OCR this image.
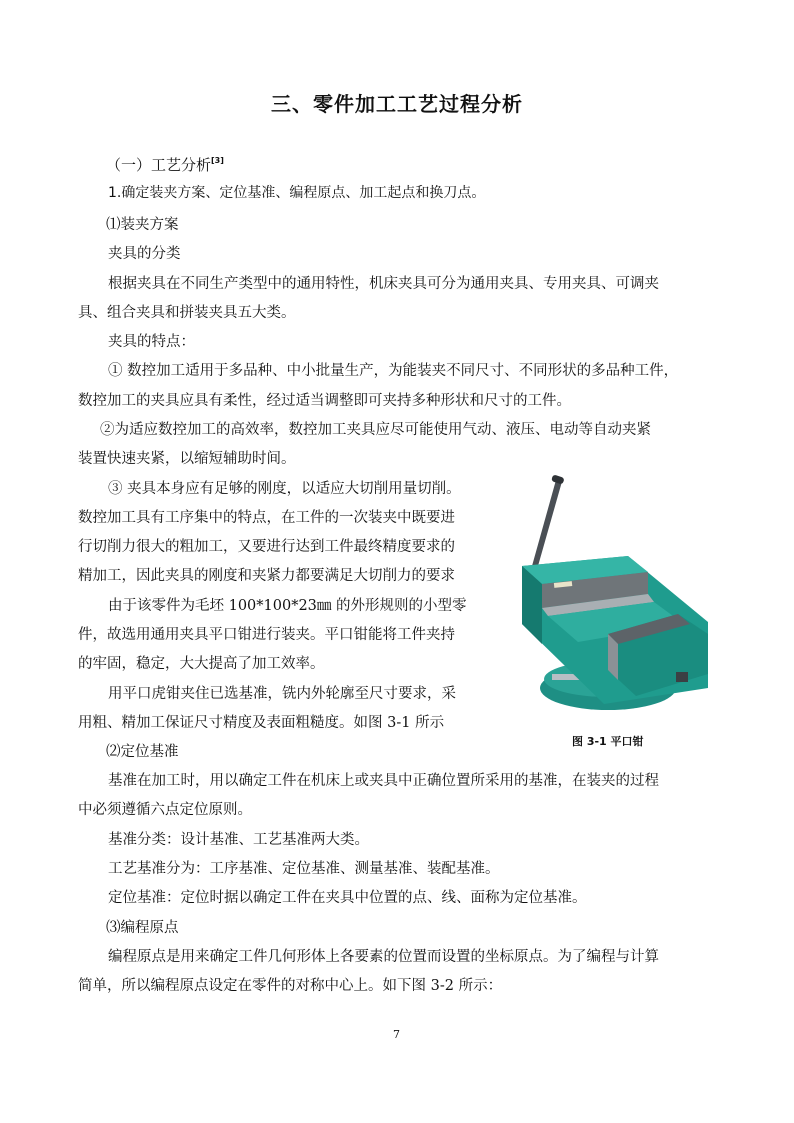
三、零件加工工艺过程分析
（一）工艺分析[3]
1.确定装夹方案、定位基准、编程原点、加工起点和换刀点。
⑴装夹方案
夹具的分类
根据夹具在不同生产类型中的通用特性，机床夹具可分为通用夹具、专用夹具、可调夹
具、组合夹具和拼装夹具五大类。
夹具的特点：
① 数控加工适用于多品种、中小批量生产，为能装夹不同尺寸、不同形状的多品种工件，
数控加工的夹具应具有柔性，经过适当调整即可夹持多种形状和尺寸的工件。
②为适应数控加工的高效率，数控加工夹具应尽可能使用气动、液压、电动等自动夹紧
装置快速夹紧，以缩短辅助时间。
③ 夹具本身应有足够的刚度，以适应大切削用量切削。
数控加工具有工序集中的特点，在工件的一次装夹中既要进
行切削力很大的粗加工，又要进行达到工件最终精度要求的
精加工，因此夹具的刚度和夹紧力都要满足大切削力的要求
由于该零件为毛坯 100*100*23㎜ 的外形规则的小型零
件，故选用通用夹具平口钳进行装夹。平口钳能将工件夹持
的牢固，稳定，大大提高了加工效率。
用平口虎钳夹住已选基准，铣内外轮廓至尺寸要求，采
用粗、精加工保证尺寸精度及表面粗糙度。如图 3-1 所示
⑵定位基准
基准在加工时，用以确定工件在机床上或夹具中正确位置所采用的基准，在装夹的过程
中必须遵循六点定位原则。
基准分类：设计基准、工艺基准两大类。
工艺基准分为：工序基准、定位基准、测量基准、装配基准。
定位基准：定位时据以确定工件在夹具中位置的点、线、面称为定位基准。
⑶编程原点
编程原点是用来确定工件几何形体上各要素的位置而设置的坐标原点。为了编程与计算
简单，所以编程原点设定在零件的对称中心上。如下图 3-2 所示：
图 3-1 平口钳
7
